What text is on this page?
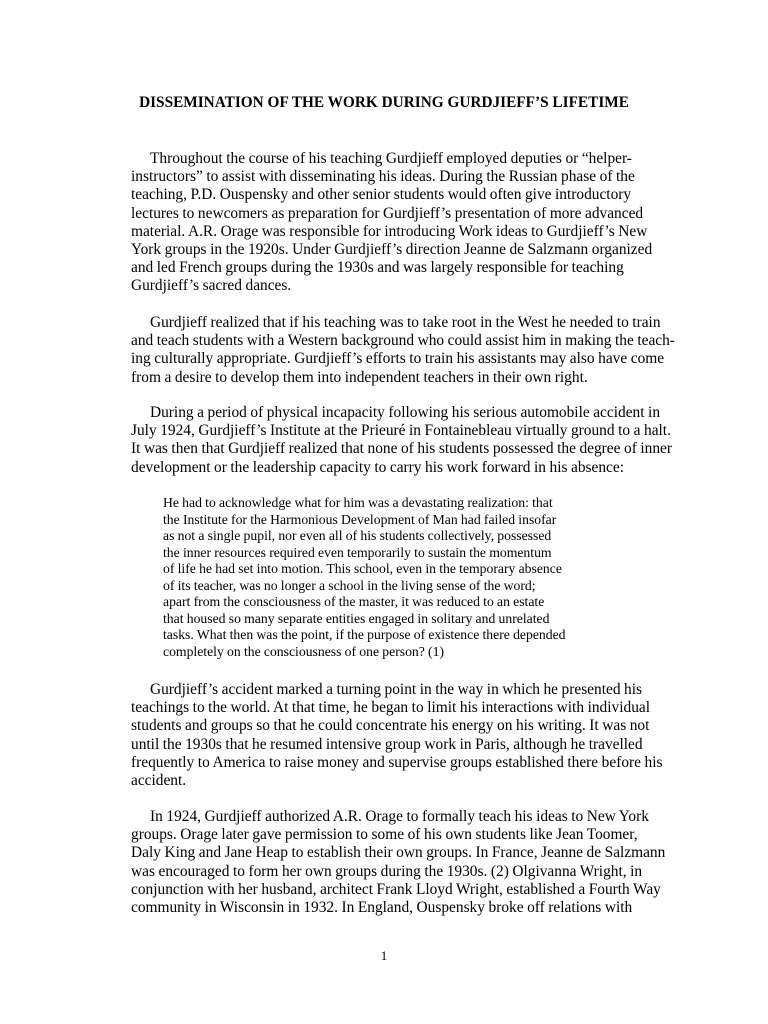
DISSEMINATION OF THE WORK DURING GURDJIEFF’S LIFETIME

Throughout the course of his teaching Gurdjieff employed deputies or “helper-
instructors” to assist with disseminating his ideas. During the Russian phase of the
teaching, P.D. Ouspensky and other senior students would often give introductory
lectures to newcomers as preparation for Gurdjieff’s presentation of more advanced
material. A.R. Orage was responsible for introducing Work ideas to Gurdjieff’s New
York groups in the 1920s. Under Gurdjieff’s direction Jeanne de Salzmann organized
and led French groups during the 1930s and was largely responsible for teaching
Gurdjieff’s sacred dances.

Gurdjieff realized that if his teaching was to take root in the West he needed to train
and teach students with a Western background who could assist him in making the teach-
ing culturally appropriate. Gurdjieff’s efforts to train his assistants may also have come
from a desire to develop them into independent teachers in their own right.

During a period of physical incapacity following his serious automobile accident in
July 1924, Gurdjieff’s Institute at the Prieuré in Fontainebleau virtually ground to a halt.
It was then that Gurdjieff realized that none of his students possessed the degree of inner
development or the leadership capacity to carry his work forward in his absence:

He had to acknowledge what for him was a devastating realization: that
the Institute for the Harmonious Development of Man had failed insofar
as not a single pupil, nor even all of his students collectively, possessed
the inner resources required even temporarily to sustain the momentum
of life he had set into motion. This school, even in the temporary absence
of its teacher, was no longer a school in the living sense of the word;
apart from the consciousness of the master, it was reduced to an estate
that housed so many separate entities engaged in solitary and unrelated
tasks. What then was the point, if the purpose of existence there depended
completely on the consciousness of one person? (1)

Gurdjieff’s accident marked a turning point in the way in which he presented his
teachings to the world. At that time, he began to limit his interactions with individual
students and groups so that he could concentrate his energy on his writing. It was not
until the 1930s that he resumed intensive group work in Paris, although he travelled
frequently to America to raise money and supervise groups established there before his
accident.

In 1924, Gurdjieff authorized A.R. Orage to formally teach his ideas to New York
groups. Orage later gave permission to some of his own students like Jean Toomer,
Daly King and Jane Heap to establish their own groups. In France, Jeanne de Salzmann
was encouraged to form her own groups during the 1930s. (2) Olgivanna Wright, in
conjunction with her husband, architect Frank Lloyd Wright, established a Fourth Way
community in Wisconsin in 1932. In England, Ouspensky broke off relations with

1
